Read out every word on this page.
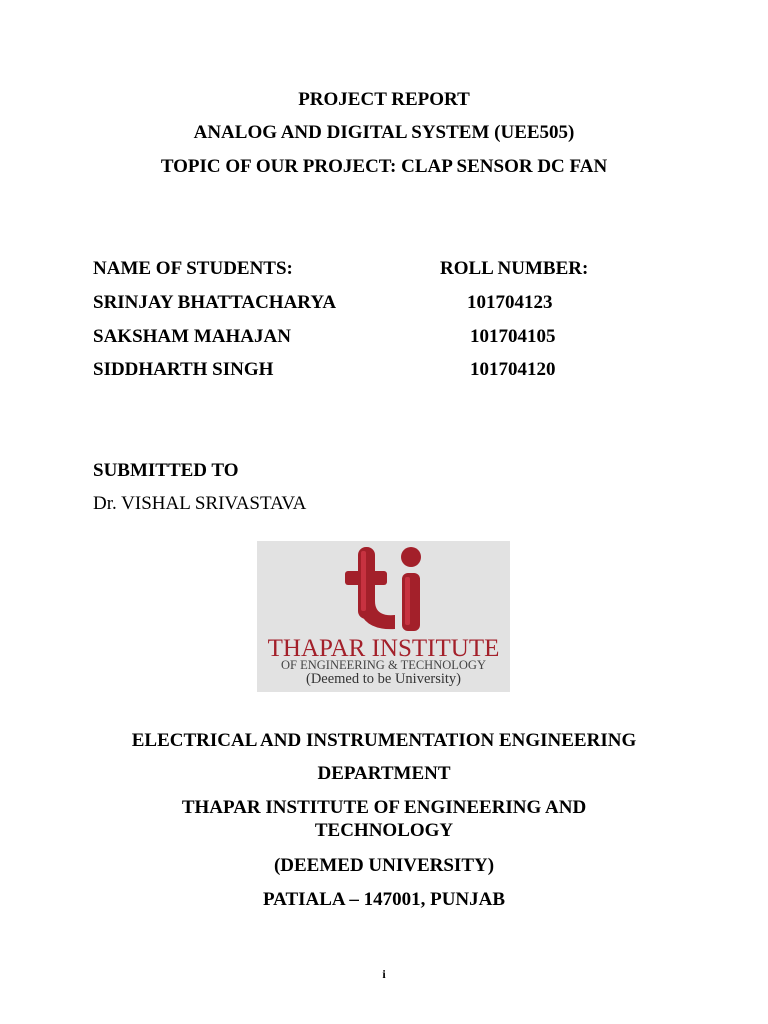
PROJECT REPORT
ANALOG AND DIGITAL SYSTEM (UEE505)
TOPIC OF OUR PROJECT: CLAP SENSOR DC FAN
NAME OF STUDENTS:	ROLL NUMBER:
SRINJAY BHATTACHARYA	101704123
SAKSHAM MAHAJAN	101704105
SIDDHARTH SINGH	101704120
SUBMITTED TO
Dr. VISHAL SRIVASTAVA
THAPAR INSTITUTE
OF ENGINEERING & TECHNOLOGY
(Deemed to be University)
ELECTRICAL AND INSTRUMENTATION ENGINEERING
DEPARTMENT
THAPAR INSTITUTE OF ENGINEERING AND
TECHNOLOGY
(DEEMED UNIVERSITY)
PATIALA – 147001, PUNJAB
i
